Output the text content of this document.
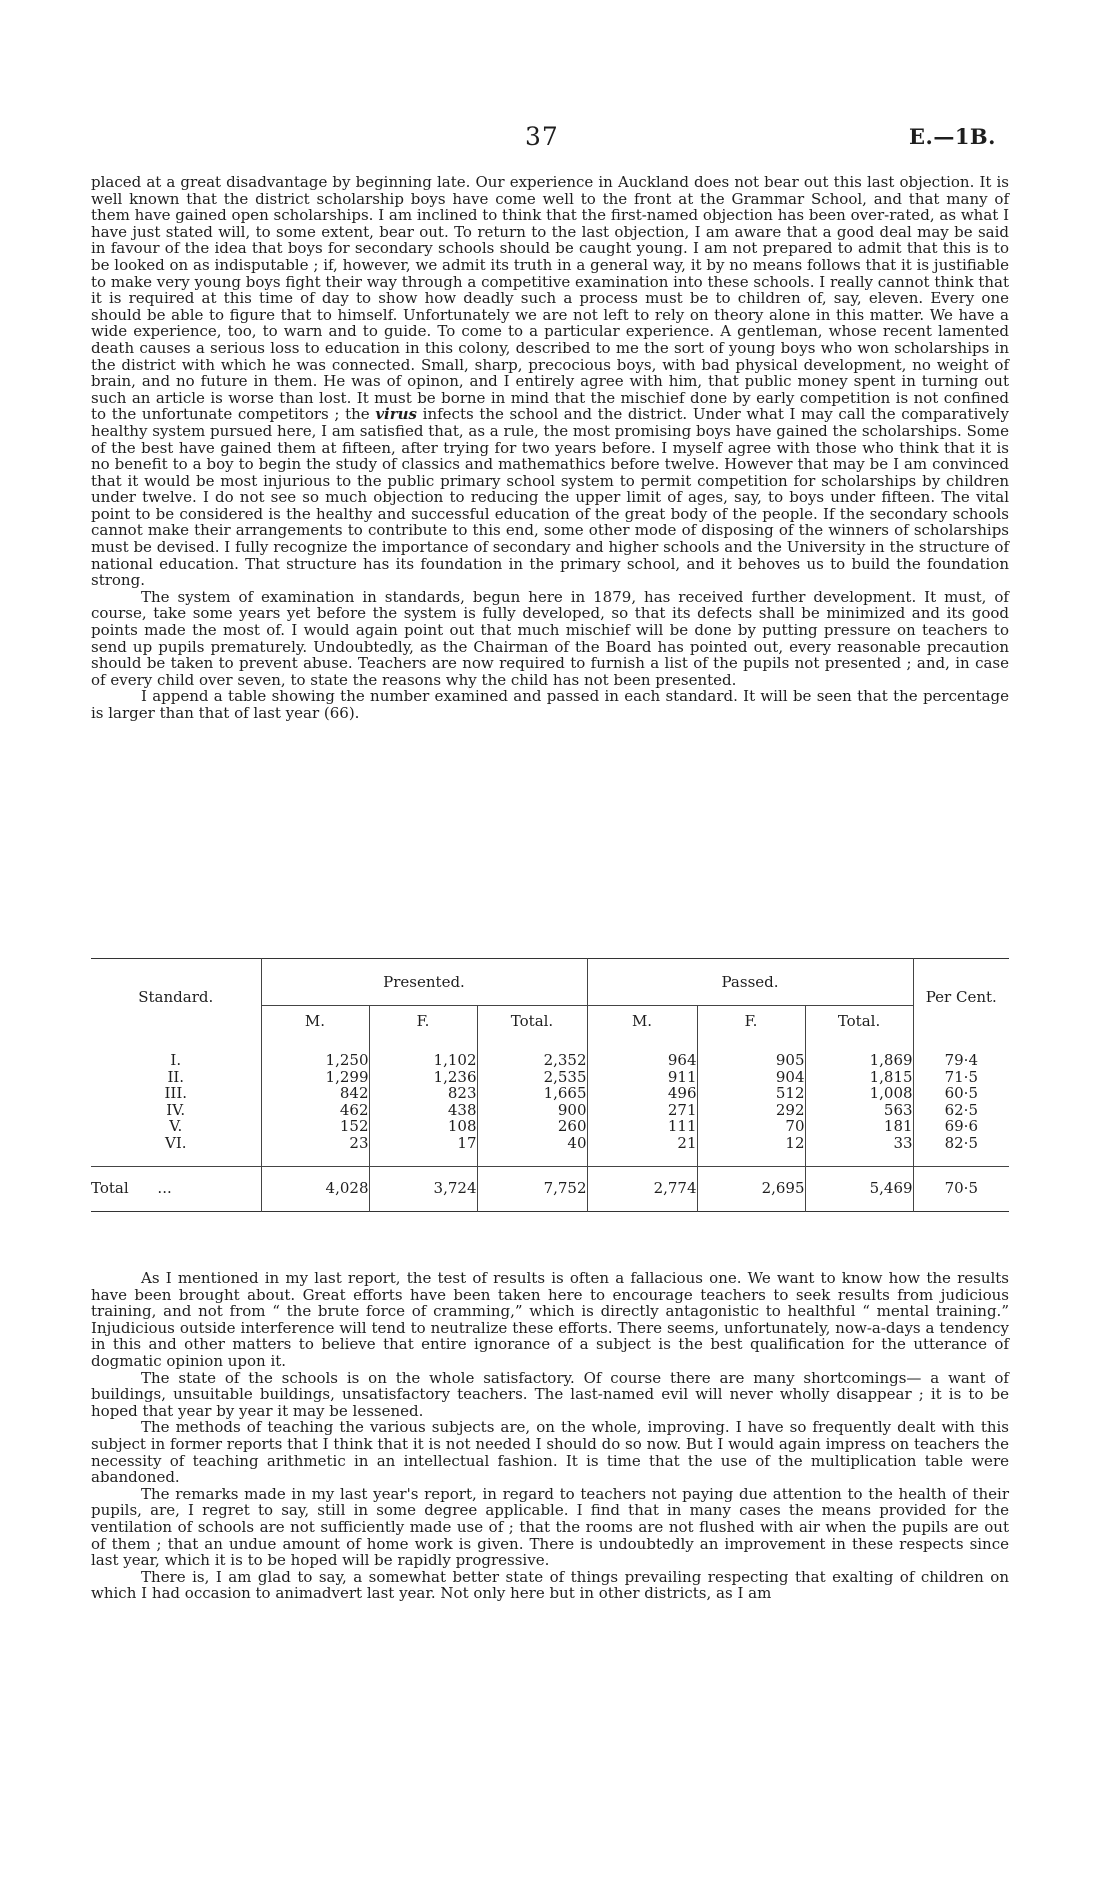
37	E.—1B.

placed at a great disadvantage by beginning late. Our experience in Auckland does not bear out this last objection. It is well known that the district scholarship boys have come well to the front at the Grammar School, and that many of them have gained open scholarships. I am inclined to think that the first-named objection has been over-rated, as what I have just stated will, to some extent, bear out. To return to the last objection, I am aware that a good deal may be said in favour of the idea that boys for secondary schools should be caught young. I am not prepared to admit that this is to be looked on as indisputable ; if, however, we admit its truth in a general way, it by no means follows that it is justifiable to make very young boys fight their way through a competitive examination into these schools. I really cannot think that it is required at this time of day to show how deadly such a process must be to children of, say, eleven. Every one should be able to figure that to himself. Unfortunately we are not left to rely on theory alone in this matter. We have a wide experience, too, to warn and to guide. To come to a particular experience. A gentleman, whose recent lamented death causes a serious loss to education in this colony, described to me the sort of young boys who won scholarships in the district with which he was connected. Small, sharp, precocious boys, with bad physical development, no weight of brain, and no future in them. He was of opinon, and I entirely agree with him, that public money spent in turning out such an article is worse than lost. It must be borne in mind that the mischief done by early competition is not confined to the unfortunate competitors ; the virus infects the school and the district. Under what I may call the comparatively healthy system pursued here, I am satisfied that, as a rule, the most promising boys have gained the scholarships. Some of the best have gained them at fifteen, after trying for two years before. I myself agree with those who think that it is no benefit to a boy to begin the study of classics and mathemathics before twelve. However that may be I am convinced that it would be most injurious to the public primary school system to permit competition for scholarships by children under twelve. I do not see so much objection to reducing the upper limit of ages, say, to boys under fifteen. The vital point to be considered is the healthy and successful education of the great body of the people. If the secondary schools cannot make their arrangements to contribute to this end, some other mode of disposing of the winners of scholarships must be devised. I fully recognize the importance of secondary and higher schools and the University in the structure of national education. That structure has its foundation in the primary school, and it behoves us to build the foundation strong.

The system of examination in standards, begun here in 1879, has received further development. It must, of course, take some years yet before the system is fully developed, so that its defects shall be minimized and its good points made the most of. I would again point out that much mischief will be done by putting pressure on teachers to send up pupils prematurely. Undoubtedly, as the Chairman of the Board has pointed out, every reasonable precaution should be taken to prevent abuse. Teachers are now required to furnish a list of the pupils not presented ; and, in case of every child over seven, to state the reasons why the child has not been presented.

I append a table showing the number examined and passed in each standard. It will be seen that the percentage is larger than that of last year (66).

Standard.	Presented.			Passed.			Per Cent.
	M.	F.	Total.	M.	F.	Total.	
I.	1,250	1,102	2,352	964	905	1,869	79·4
II.	1,299	1,236	2,535	911	904	1,815	71·5
III.	842	823	1,665	496	512	1,008	60·5
IV.	462	438	900	271	292	563	62·5
V.	152	108	260	111	70	181	69·6
VI.	23	17	40	21	12	33	82·5
Total ...	4,028	3,724	7,752	2,774	2,695	5,469	70·5

As I mentioned in my last report, the test of results is often a fallacious one. We want to know how the results have been brought about. Great efforts have been taken here to encourage teachers to seek results from judicious training, and not from “ the brute force of cramming,” which is directly antagonistic to healthful “ mental training.” Injudicious outside interference will tend to neutralize these efforts. There seems, unfortunately, now-a-days a tendency in this and other matters to believe that entire ignorance of a subject is the best qualification for the utterance of dogmatic opinion upon it.

The state of the schools is on the whole satisfactory. Of course there are many shortcomings— a want of buildings, unsuitable buildings, unsatisfactory teachers. The last-named evil will never wholly disappear ; it is to be hoped that year by year it may be lessened.

The methods of teaching the various subjects are, on the whole, improving. I have so frequently dealt with this subject in former reports that I think that it is not needed I should do so now. But I would again impress on teachers the necessity of teaching arithmetic in an intellectual fashion. It is time that the use of the multiplication table were abandoned.

The remarks made in my last year's report, in regard to teachers not paying due attention to the health of their pupils, are, I regret to say, still in some degree applicable. I find that in many cases the means provided for the ventilation of schools are not sufficiently made use of ; that the rooms are not flushed with air when the pupils are out of them ; that an undue amount of home work is given. There is undoubtedly an improvement in these respects since last year, which it is to be hoped will be rapidly progressive.

There is, I am glad to say, a somewhat better state of things prevailing respecting that exalting of children on which I had occasion to animadvert last year. Not only here but in other districts, as I am
